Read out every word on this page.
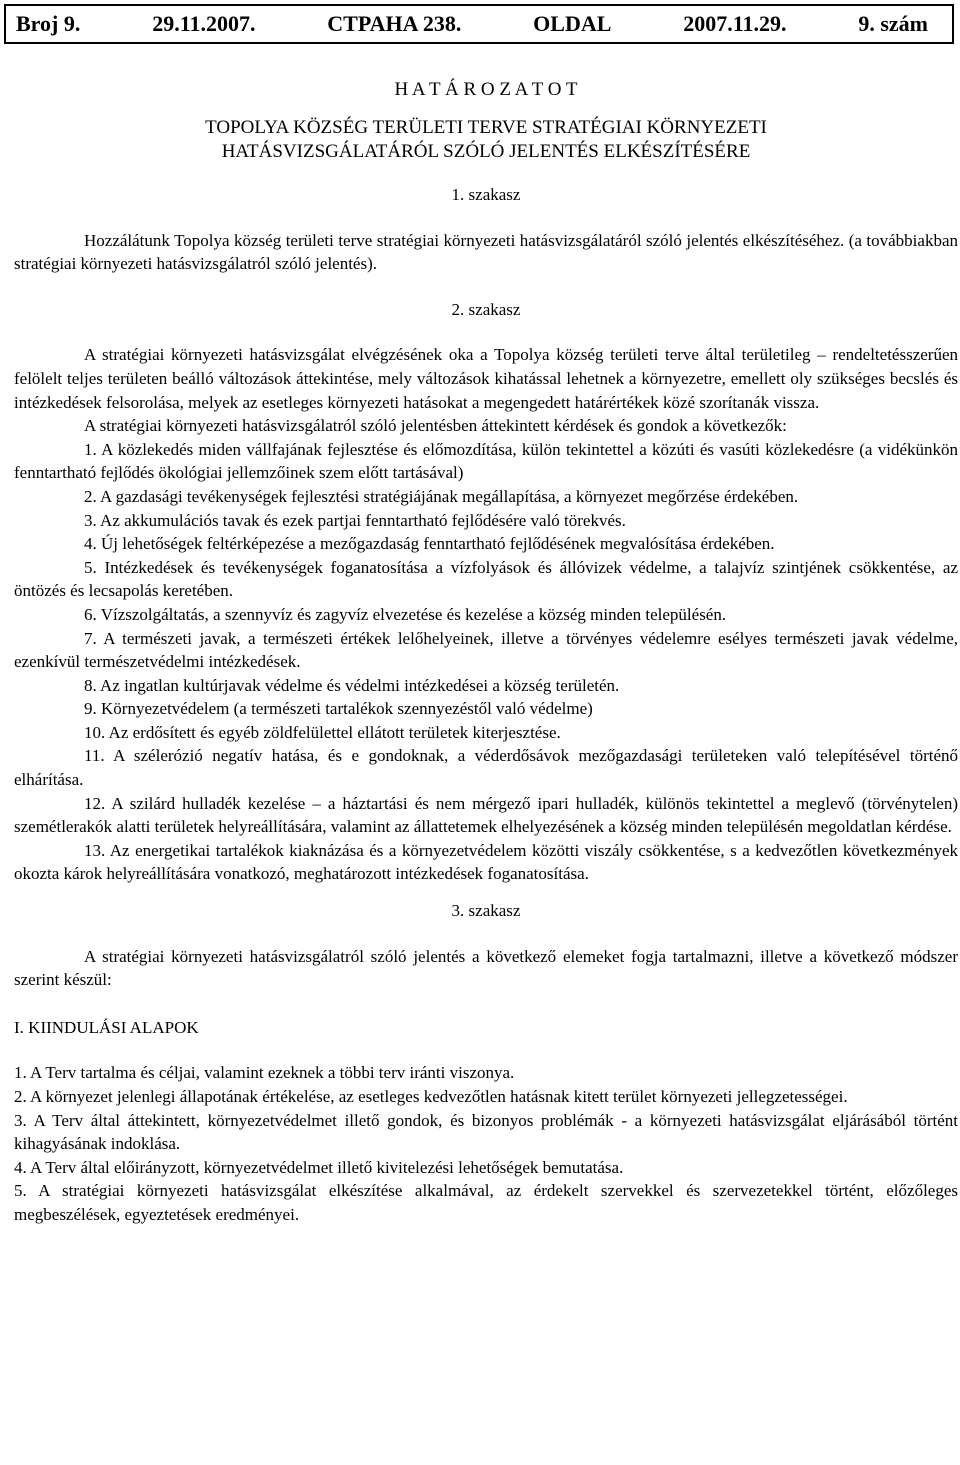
Broj 9.	29.11.2007.	CTPAHA 238.	OLDAL	2007.11.29.	9. szám

H A T Á R O Z A T O T

TOPOLYA KÖZSÉG TERÜLETI TERVE STRATÉGIAI KÖRNYEZETI

HATÁSVIZSGÁLATÁRÓL SZÓLÓ JELENTÉS ELKÉSZÍTÉSÉRE

1. szakasz

Hozzálátunk Topolya község területi terve stratégiai környezeti hatásvizsgálatáról szóló jelentés elkészítéséhez. (a továbbiakban stratégiai környezeti hatásvizsgálatról szóló jelentés).

2. szakasz

A stratégiai környezeti hatásvizsgálat elvégzésének oka a Topolya község területi terve által területileg – rendeltetésszerűen felölelt teljes területen beálló változások áttekintése, mely változások kihatással lehetnek a környezetre, emellett oly szükséges becslés és intézkedések felsorolása, melyek az esetleges környezeti hatásokat a megengedett határértékek közé szorítanák vissza.

A stratégiai környezeti hatásvizsgálatról szóló jelentésben áttekintett kérdések és gondok a következők:

1. A közlekedés miden vállfajának fejlesztése és előmozdítása, külön tekintettel a közúti és vasúti közlekedésre (a vidékünkön fenntartható fejlődés ökológiai jellemzőinek szem előtt tartásával)

2. A gazdasági tevékenységek fejlesztési stratégiájának megállapítása, a környezet megőrzése érdekében.

3. Az akkumulációs tavak és ezek partjai fenntartható fejlődésére való törekvés.

4. Új lehetőségek feltérképezése a mezőgazdaság fenntartható fejlődésének megvalósítása érdekében.

5. Intézkedések és tevékenységek foganatosítása a vízfolyások és állóvizek védelme, a talajvíz szintjének csökkentése, az öntözés és lecsapolás keretében.

6. Vízszolgáltatás, a szennyvíz és zagyvíz elvezetése és kezelése a község minden településén.

7. A természeti javak, a természeti értékek lelőhelyeinek, illetve a törvényes védelemre esélyes természeti javak védelme, ezenkívül természetvédelmi intézkedések.

8. Az ingatlan kultúrjavak védelme és védelmi intézkedései a község területén.

9. Környezetvédelem (a természeti tartalékok szennyezéstől való védelme)

10. Az erdősített és egyéb zöldfelülettel ellátott területek kiterjesztése.

11. A szélerózió negatív hatása, és e gondoknak, a véderdősávok mezőgazdasági területeken való telepítésével történő elhárítása.

12. A szilárd hulladék kezelése – a háztartási és nem mérgező ipari hulladék, különös tekintettel a meglevő (törvénytelen) szemétlerakók alatti területek helyreállítására, valamint az állattetemek elhelyezésének a község minden településén megoldatlan kérdése.

13. Az energetikai tartalékok kiaknázása és a környezetvédelem közötti viszály csökkentése, s a kedvezőtlen következmények okozta károk helyreállítására vonatkozó, meghatározott intézkedések foganatosítása.

3. szakasz

A stratégiai környezeti hatásvizsgálatról szóló jelentés a következő elemeket fogja tartalmazni, illetve a következő módszer szerint készül:

I. KIINDULÁSI ALAPOK

1. A Terv tartalma és céljai, valamint ezeknek a többi terv iránti viszonya.

2. A környezet jelenlegi állapotának értékelése, az esetleges kedvezőtlen hatásnak kitett terület környezeti jellegzetességei.

3. A Terv által áttekintett, környezetvédelmet illető gondok, és bizonyos problémák - a környezeti hatásvizsgálat eljárásából történt kihagyásának indoklása.

4. A Terv által előirányzott, környezetvédelmet illető kivitelezési lehetőségek bemutatása.

5. A stratégiai környezeti hatásvizsgálat elkészítése alkalmával, az érdekelt szervekkel és szervezetekkel történt, előzőleges megbeszélések, egyeztetések eredményei.
